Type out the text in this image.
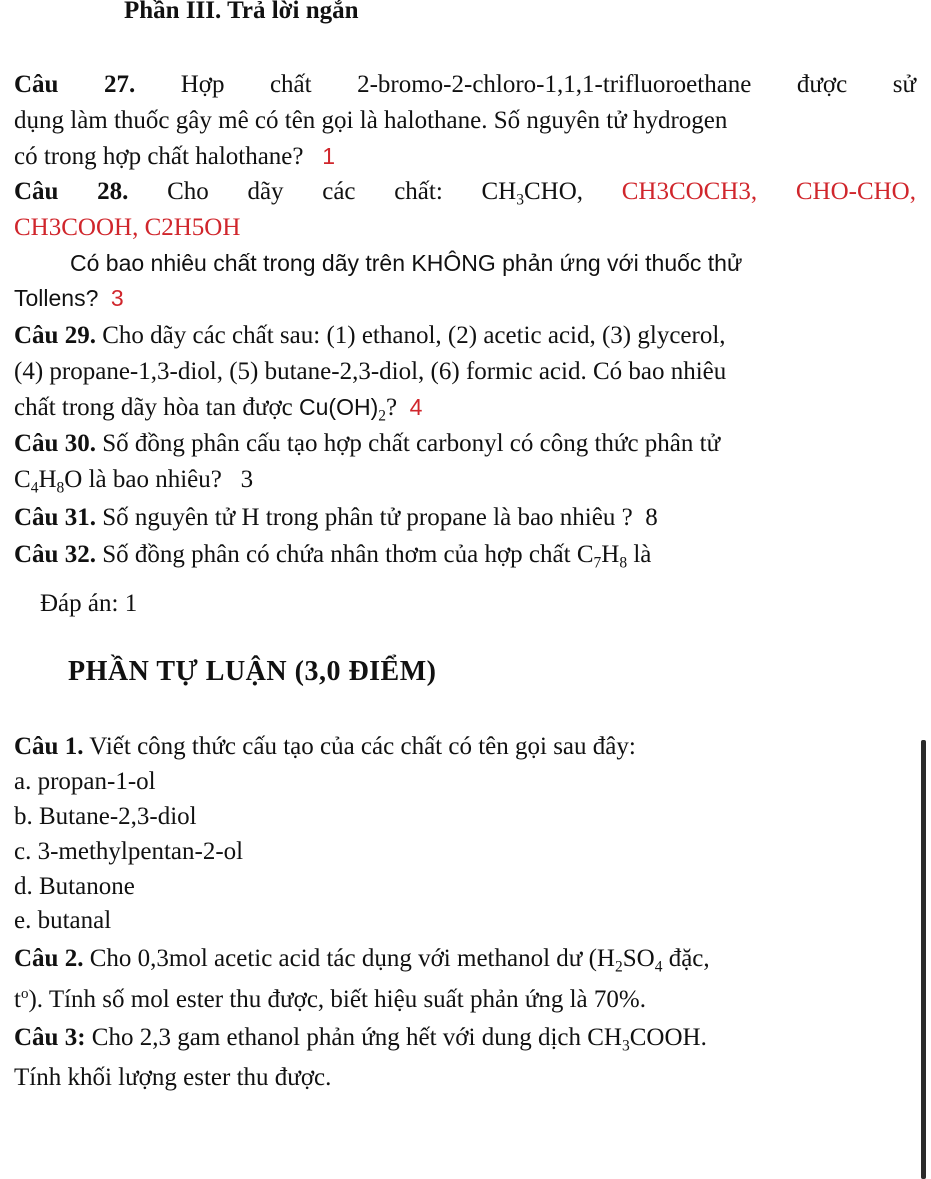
Phần III. Trả lời ngắn
Câu 27. Hợp chất 2-bromo-2-chloro-1,1,1-trifluoroethane được sử
dụng làm thuốc gây mê có tên gọi là halothane. Số nguyên tử hydrogen
có trong hợp chất halothane? 1
Câu 28. Cho dãy các chất: $CH_3CHO$, CH3COCH3, CHO-CHO,
CH3COOH, C2H5OH
Có bao nhiêu chất trong dãy trên KHÔNG phản ứng với thuốc thử
Tollens? 3
Câu 29. Cho dãy các chất sau: (1) ethanol, (2) acetic acid, (3) glycerol,
(4) propane-1,3-diol, (5) butane-2,3-diol, (6) formic acid. Có bao nhiêu
chất trong dãy hòa tan được $Cu(OH)_2$? 4
Câu 30. Số đồng phân cấu tạo hợp chất carbonyl có công thức phân tử
$C_4H_8O$ là bao nhiêu? 3
Câu 31. Số nguyên tử H trong phân tử propane là bao nhiêu ? 8
Câu 32. Số đồng phân có chứa nhân thơm của hợp chất $C_7H_8$ là
Đáp án: 1
PHẦN TỰ LUẬN (3,0 ĐIỂM)
Câu 1. Viết công thức cấu tạo của các chất có tên gọi sau đây:
a. propan-1-ol
b. Butane-2,3-diol
c. 3-methylpentan-2-ol
d. Butanone
e. butanal
Câu 2. Cho 0,3mol acetic acid tác dụng với methanol dư ($H_2SO_4$ đặc,
$t^o$). Tính số mol ester thu được, biết hiệu suất phản ứng là 70%.
Câu 3: Cho 2,3 gam ethanol phản ứng hết với dung dịch $CH_3COOH$.
Tính khối lượng ester thu được.
